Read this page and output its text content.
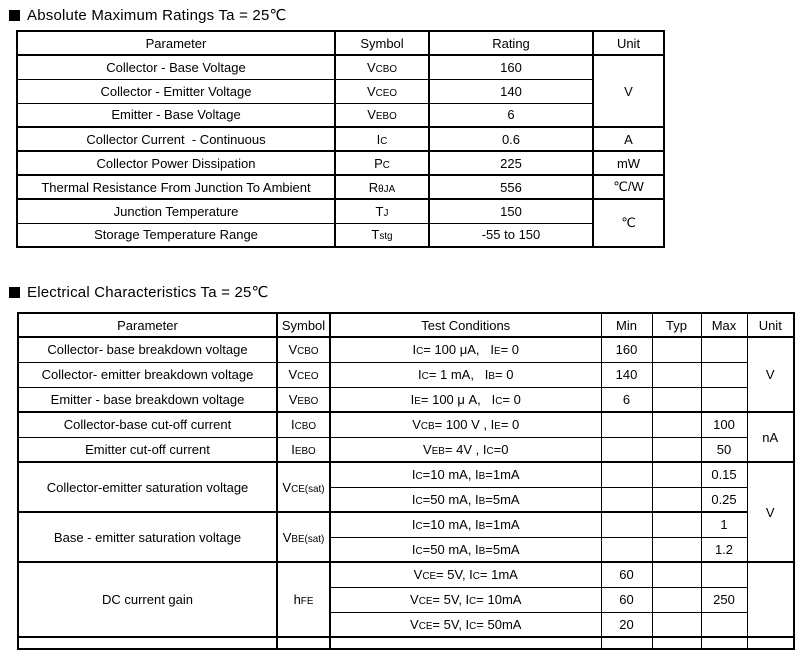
Absolute Maximum Ratings Ta = 25℃
Parameter	Symbol	Rating	Unit
Collector - Base Voltage	VCBO	160	V
Collector - Emitter Voltage	VCEO	140	
Emitter - Base Voltage	VEBO	6	
Collector Current  - Continuous	IC	0.6	A
Collector Power Dissipation	PC	225	mW
Thermal Resistance From Junction To Ambient	RθJA	556	℃/W
Junction Temperature	TJ	150	℃
Storage Temperature Range	Tstg	-55 to 150	
Electrical Characteristics Ta = 25℃
Parameter	Symbol	Test Conditions	Min	Typ	Max	Unit
Collector- base breakdown voltage	VCBO	IC= 100 μA,   IE= 0	160			V
Collector- emitter breakdown voltage	VCEO	IC= 1 mA,   IB= 0	140			
Emitter - base breakdown voltage	VEBO	IE= 100 μ A,   IC= 0	6			
Collector-base cut-off current	ICBO	VCB= 100 V , IE= 0			100	nA
Emitter cut-off current	IEBO	VEB= 4V , IC=0			50	
Collector-emitter saturation voltage	VCE(sat)	IC=10 mA, IB=1mA			0.15	V
		IC=50 mA, IB=5mA			0.25	
Base - emitter saturation voltage	VBE(sat)	IC=10 mA, IB=1mA			1	
		IC=50 mA, IB=5mA			1.2	
DC current gain	hFE	VCE= 5V, IC= 1mA	60			
		VCE= 5V, IC= 10mA	60		250	
		VCE= 5V, IC= 50mA	20			
